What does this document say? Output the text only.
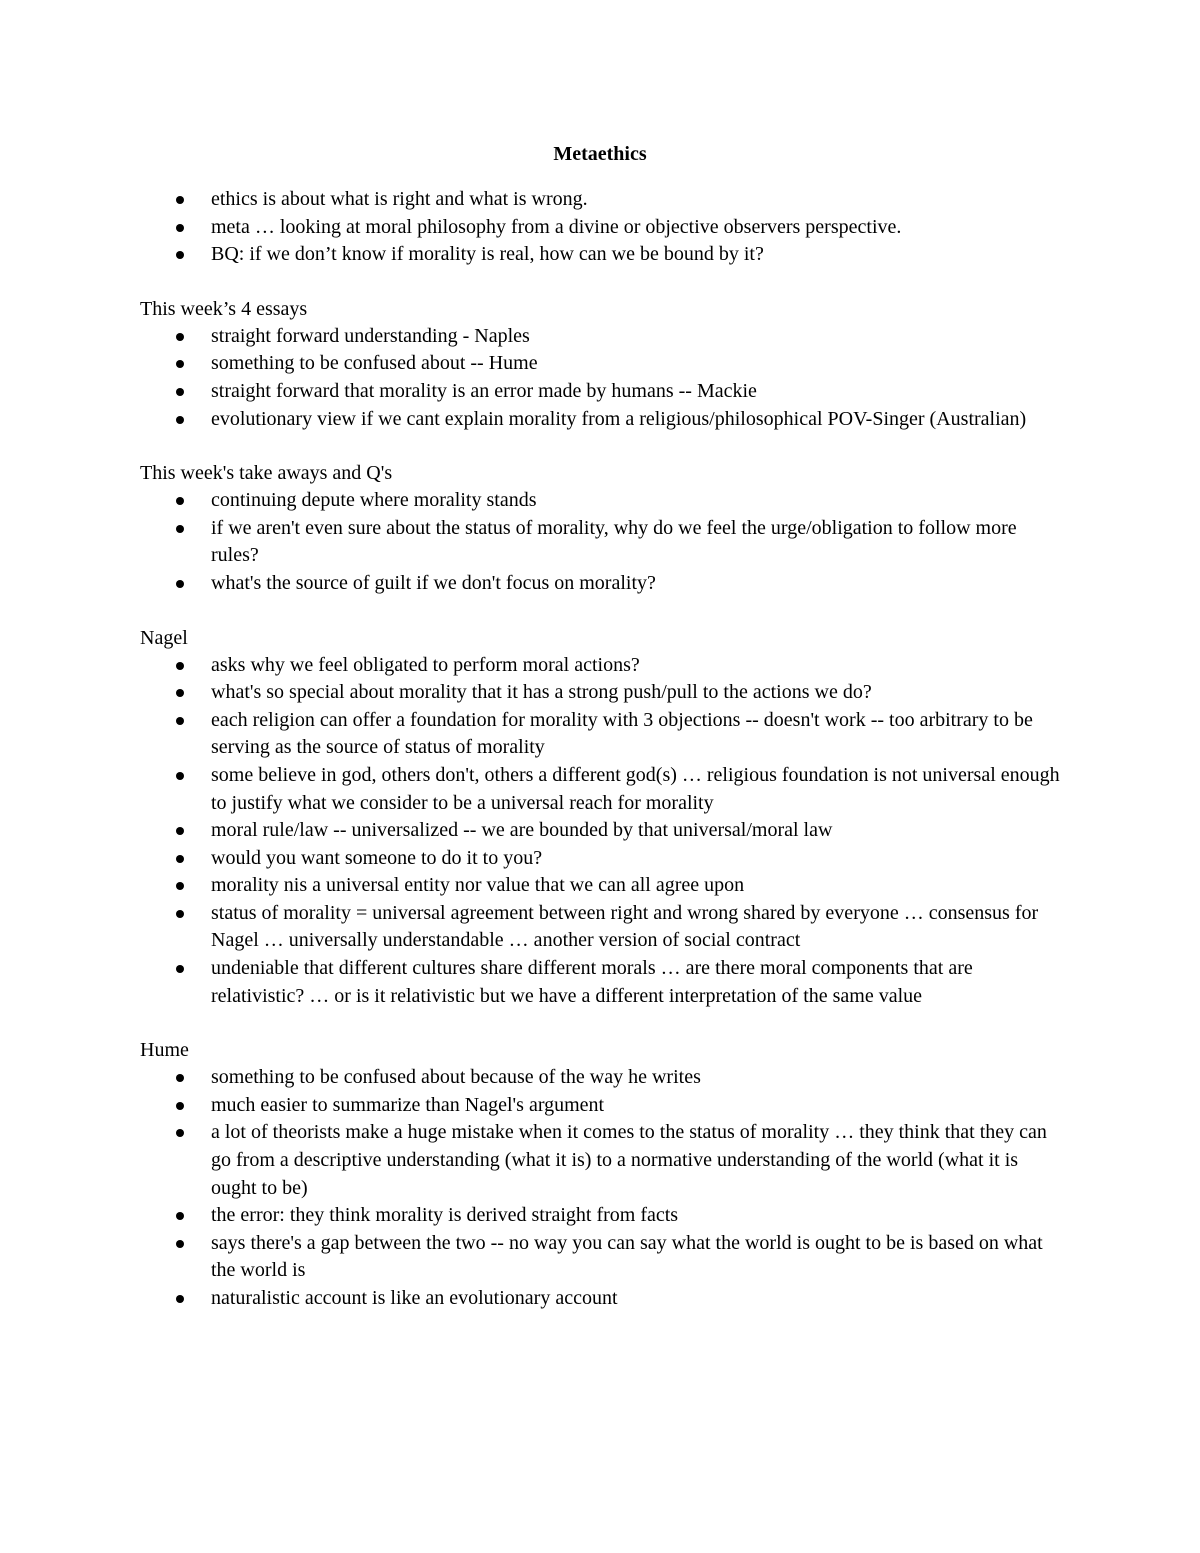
Metaethics
ethics is about what is right and what is wrong.
meta … looking at moral philosophy from a divine or objective observers perspective.
BQ: if we don’t know if morality is real, how can we be bound by it?
This week’s 4 essays
straight forward understanding - Naples
something to be confused about -- Hume
straight forward that morality is an error made by humans -- Mackie
evolutionary view if we cant explain morality from a religious/philosophical POV-Singer (Australian)
This week's take aways and Q's
continuing depute where morality stands
if we aren't even sure about the status of morality, why do we feel the urge/obligation to follow more rules?
what's the source of guilt if we don't focus on morality?
Nagel
asks why we feel obligated to perform moral actions?
what's so special about morality that it has a strong push/pull to the actions we do?
each religion can offer a foundation for morality with 3 objections -- doesn't work -- too arbitrary to be serving as the source of status of morality
some believe in god, others don't, others a different god(s) … religious foundation is not universal enough to justify what we consider to be a universal reach for morality
moral rule/law -- universalized -- we are bounded by that universal/moral law
would you want someone to do it to you?
morality nis a universal entity nor value that we can all agree upon
status of morality = universal agreement between right and wrong shared by everyone … consensus for Nagel … universally understandable … another version of social contract
undeniable that different cultures share different morals … are there moral components that are relativistic? … or is it relativistic but we have a different interpretation of the same value
Hume
something to be confused about because of the way he writes
much easier to summarize than Nagel's argument
a lot of theorists make a huge mistake when it comes to the status of morality … they think that they can go from a descriptive understanding (what it is) to a normative understanding of the world (what it is ought to be)
the error: they think morality is derived straight from facts
says there's a gap between the two -- no way you can say what the world is ought to be is based on what the world is
naturalistic account is like an evolutionary account
